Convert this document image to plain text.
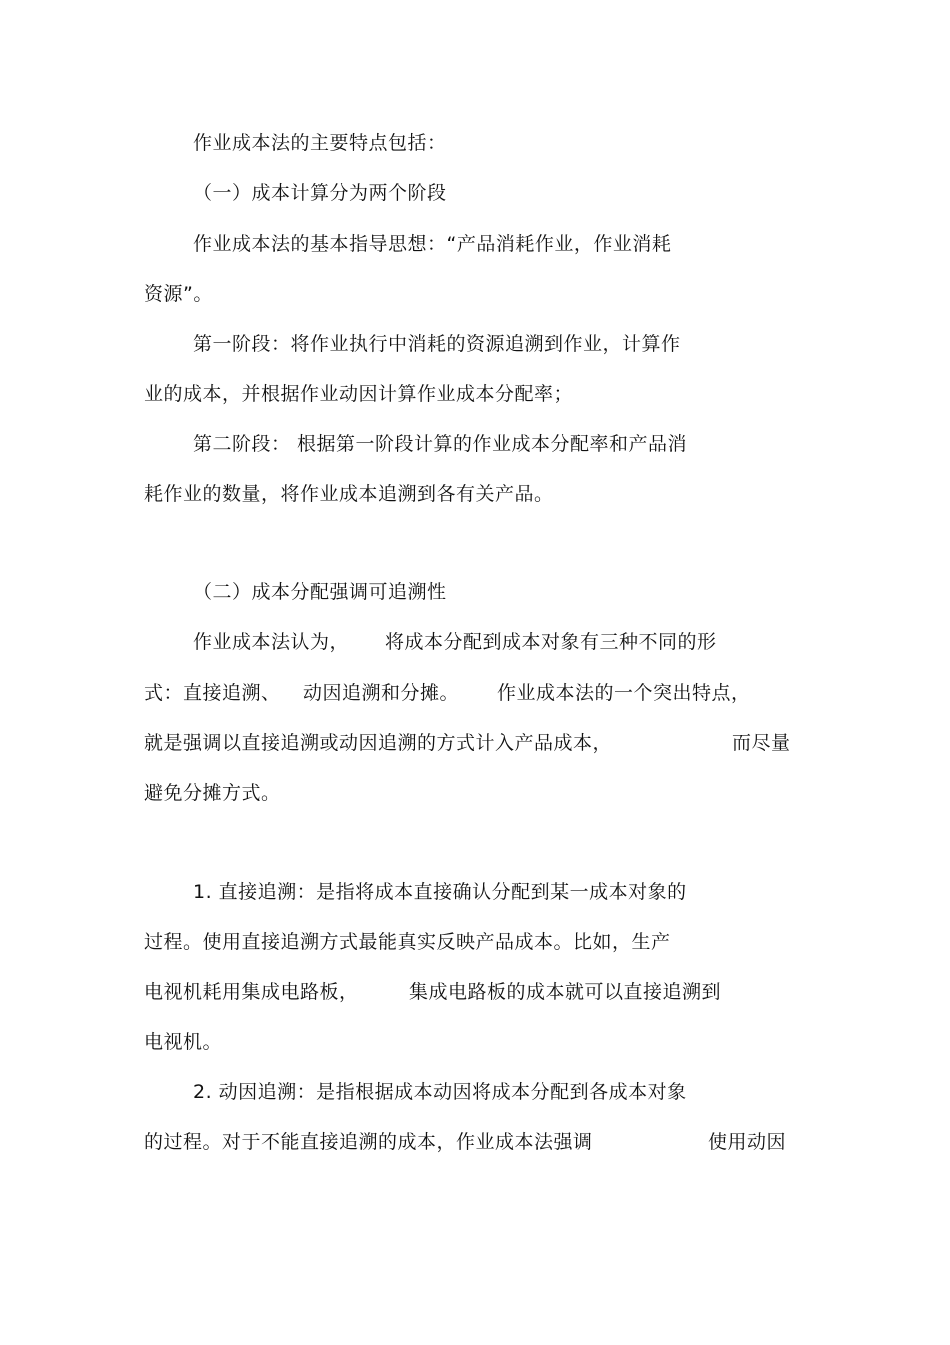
作业成本法的主要特点包括：
（一）成本计算分为两个阶段
作业成本法的基本指导思想：“产品消耗作业，作业消耗
资源”。
第一阶段：将作业执行中消耗的资源追溯到作业，计算作
业的成本，并根据作业动因计算作业成本分配率；
第二阶段： 根据第一阶段计算的作业成本分配率和产品消
耗作业的数量，将作业成本追溯到各有关产品。
（二）成本分配强调可追溯性
作业成本法认为， 将成本分配到成本对象有三种不同的形
式：直接追溯、 动因追溯和分摊。 作业成本法的一个突出特点，
就是强调以直接追溯或动因追溯的方式计入产品成本，	而尽量
避免分摊方式。
1. 直接追溯：是指将成本直接确认分配到某一成本对象的
过程。使用直接追溯方式最能真实反映产品成本。比如，生产
电视机耗用集成电路板，	集成电路板的成本就可以直接追溯到
电视机。
2. 动因追溯：是指根据成本动因将成本分配到各成本对象
的过程。对于不能直接追溯的成本，作业成本法强调	使用动因
